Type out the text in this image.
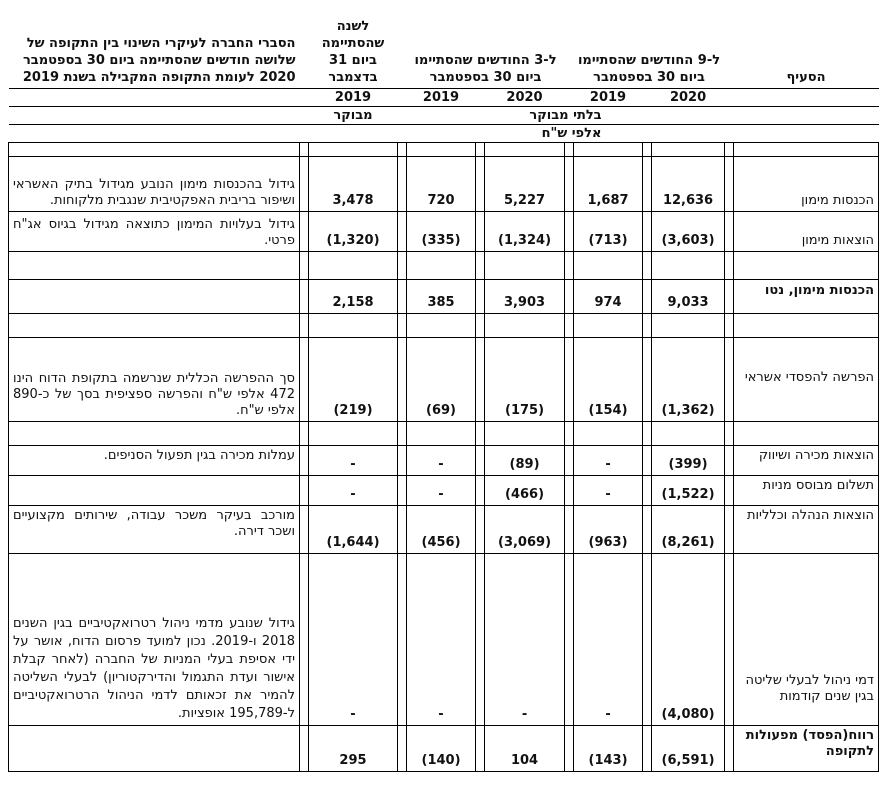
הסעיף		ל-9 החודשים שהסתיימו ביום 30 בספטמבר				ל-3 החודשים שהסתיימו ביום 30 בספטמבר				לשנה שהסתיימה ביום 31 בדצמבר		הסברי החברה לעיקרי השינוי בין התקופה של שלושה חודשים שהסתיימה ביום 30 בספטמבר 2020 לעומת התקופה המקבילה בשנת 2019
		2020		2019		2020		2019		2019		
		בלתי מבוקר								מבוקר		
אלפי ש"ח												

הכנסות מימון		12,636		1,687		5,227		720		3,478		גידול בהכנסות מימון הנובע מגידול בתיק האשראי ושיפור בריבית האפקטיבית שנגבית מלקוחות.
הוצאות מימון		(3,603)		(713)		(1,324)		(335)		(1,320)		גידול בעלויות המימון כתוצאה מגידול בגיוס אג"ח פרטי.

הכנסות מימון, נטו		9,033		974		3,903		385		2,158		

הפרשה להפסדי אשראי		(1,362)		(154)		(175)		(69)		(219)		סך ההפרשה הכללית שנרשמה בתקופת הדוח הינו 472 אלפי ש"ח והפרשה ספציפית בסך של כ-890 אלפי ש"ח.

הוצאות מכירה ושיווק		(399)		-		(89)		-		-		עמלות מכירה בגין תפעול הסניפים.
תשלום מבוסס מניות		(1,522)		-		(466)		-		-		
הוצאות הנהלה וכלליות		(8,261)		(963)		(3,069)		(456)		(1,644)		מורכב בעיקר משכר עבודה, שירותים מקצועיים ושכר דירה.
דמי ניהול לבעלי שליטה בגין שנים קודמות		(4,080)		-		-		-		-		גידול שנובע מדמי ניהול רטרואקטיביים בגין השנים 2018 ו-2019. נכון למועד פרסום הדוח, אושר על ידי אסיפת בעלי המניות של החברה (לאחר קבלת אישור ועדת התגמול והדירקטוריון) לבעלי השליטה להמיר את זכאותם לדמי הניהול הרטרואקטיביים ל-195,789 אופציות.
רווח(הפסד) מפעולות לתקופה		(6,591)		(143)		104		(140)		295		
